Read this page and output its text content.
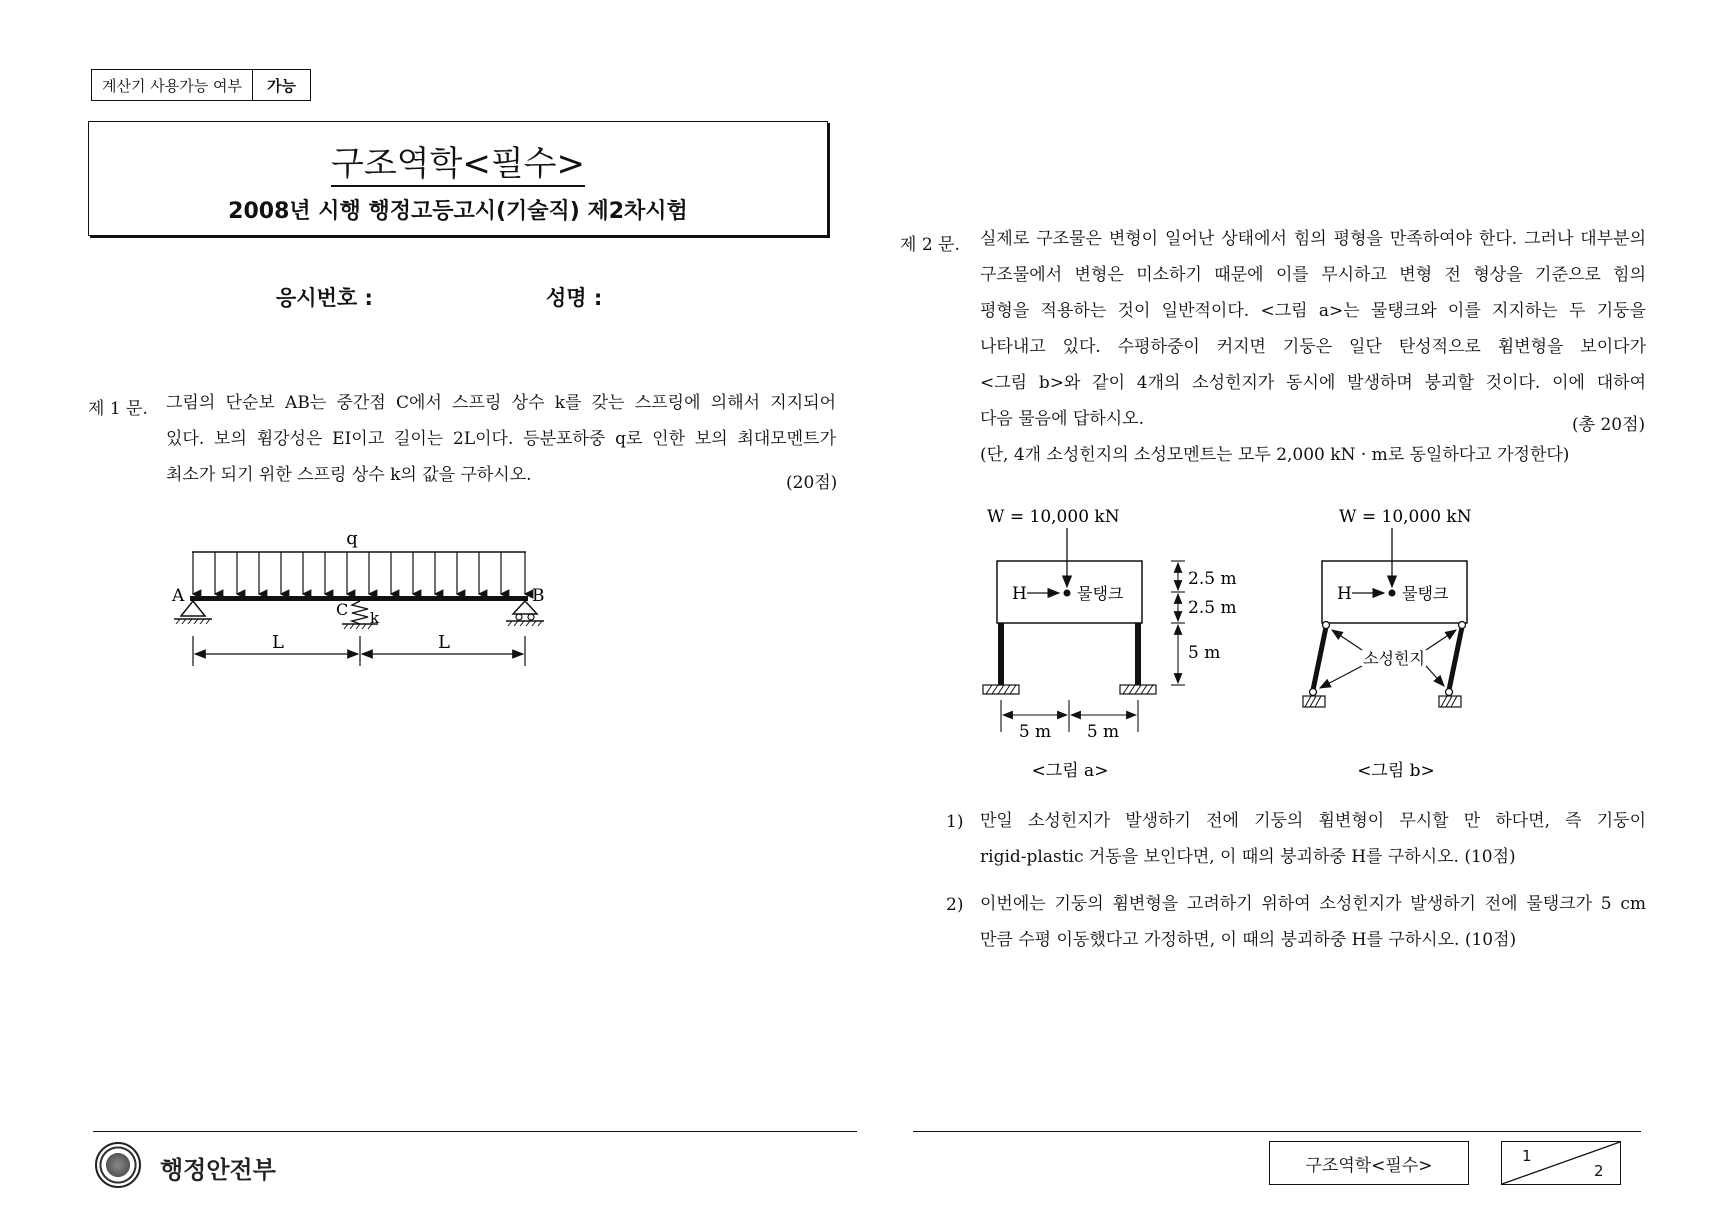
계산기 사용가능 여부	가능
구조역학<필수>
2008년 시행 행정고등고시(기술직) 제2차시험
응시번호 :	성명 :
제 1 문. 그림의 단순보 AB는 중간점 C에서 스프링 상수 k를 갖는 스프링에 의해서 지지되어
있다. 보의 휨강성은 EI이고 길이는 2L이다. 등분포하중 q로 인한 보의 최대모멘트가
최소가 되기 위한 스프링 상수 k의 값을 구하시오.	(20점)
q
A	B
C k
L	L
제 2 문. 실제로 구조물은 변형이 일어난 상태에서 힘의 평형을 만족하여야 한다. 그러나 대부분의
구조물에서 변형은 미소하기 때문에 이를 무시하고 변형 전 형상을 기준으로 힘의
평형을 적용하는 것이 일반적이다. <그림 a>는 물탱크와 이를 지지하는 두 기둥을
나타내고 있다. 수평하중이 커지면 기둥은 일단 탄성적으로 휨변형을 보이다가
<그림 b>와 같이 4개의 소성힌지가 동시에 발생하며 붕괴할 것이다. 이에 대하여
다음 물음에 답하시오.
(단, 4개 소성힌지의 소성모멘트는 모두 2,000 kN · m로 동일하다고 가정한다)
(총 20점)
W = 10,000 kN
H	물탱크
2.5 m
2.5 m
5 m
5 m 5 m
<그림 a>
W = 10,000 kN
H	물탱크
소성힌지
<그림 b>
1) 만일 소성힌지가 발생하기 전에 기둥의 휨변형이 무시할 만 하다면, 즉 기둥이
rigid-plastic 거동을 보인다면, 이 때의 붕괴하중 H를 구하시오. (10점)
2) 이번에는 기둥의 휨변형을 고려하기 위하여 소성힌지가 발생하기 전에 물탱크가 5 cm
만큼 수평 이동했다고 가정하면, 이 때의 붕괴하중 H를 구하시오. (10점)
행정안전부	구조역학<필수>	1
2
